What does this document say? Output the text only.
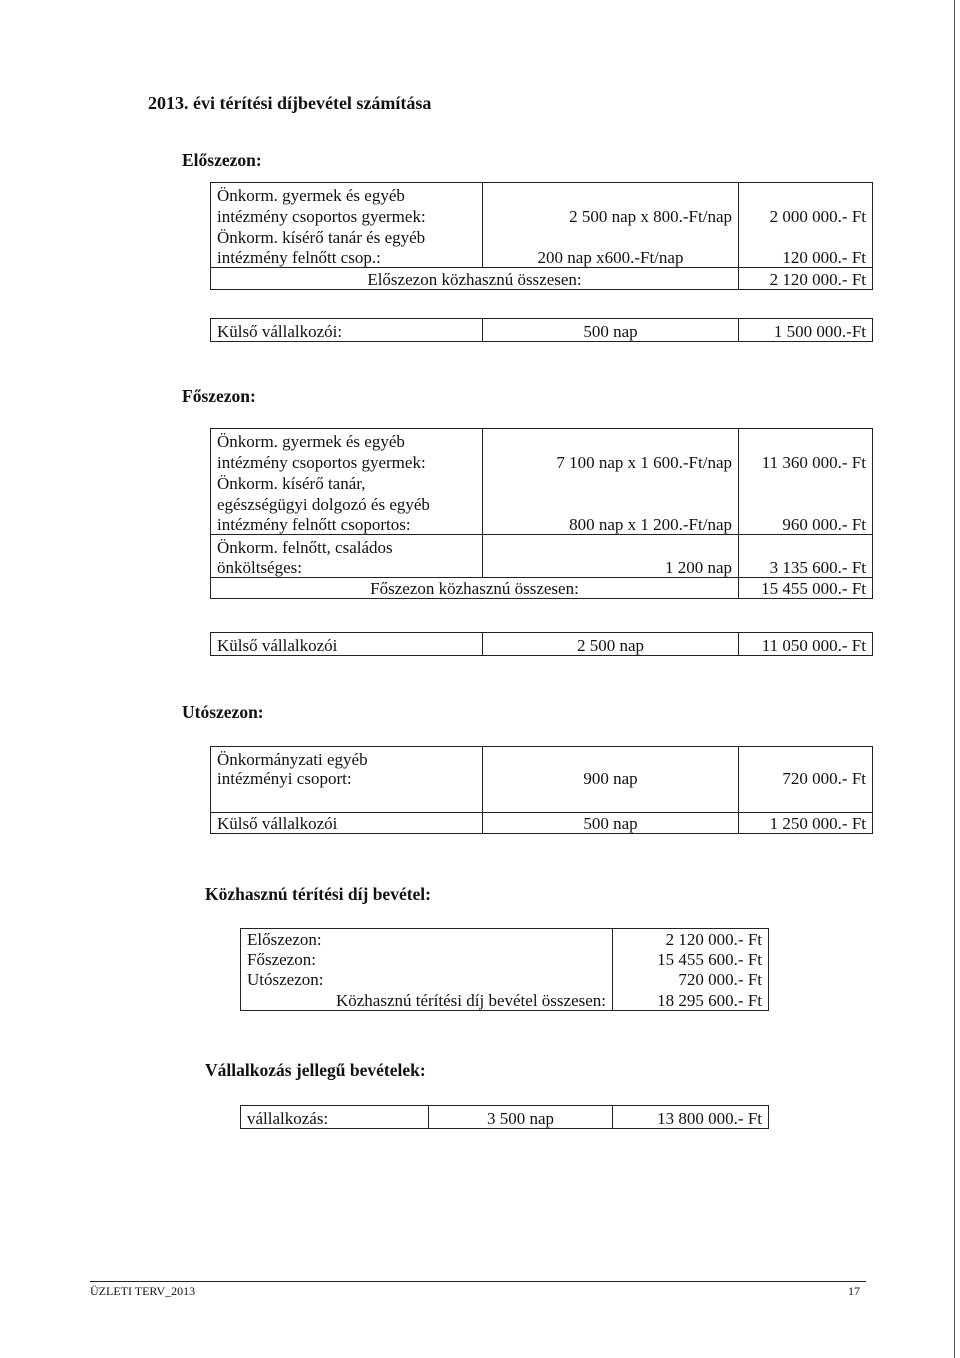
2013. évi térítési díjbevétel számítása
Előszezon:
Önkorm. gyermek és egyéb		
intézmény csoportos gyermek:	2 500 nap x 800.-Ft/nap	2 000 000.- Ft
Önkorm. kísérő tanár és egyéb		
intézmény felnőtt csop.:	200 nap x600.-Ft/nap	120 000.- Ft
Előszezon közhasznú összesen:		2 120 000.- Ft
Külső vállalkozói:	500 nap	1 500 000.-Ft
Főszezon:
Önkorm. gyermek és egyéb		
intézmény csoportos gyermek:	7 100 nap x 1 600.-Ft/nap	11 360 000.- Ft
Önkorm. kísérő tanár,		
egészségügyi dolgozó és egyéb		
intézmény felnőtt csoportos:	800 nap x 1 200.-Ft/nap	960 000.- Ft
Önkorm. felnőtt, családos		
önköltséges:	1 200 nap	3 135 600.- Ft
Főszezon közhasznú összesen:		15 455 000.- Ft
Külső vállalkozói	2 500 nap	11 050 000.- Ft
Utószezon:
Önkormányzati egyéb		
intézményi csoport:	900 nap	720 000.- Ft
Külső vállalkozói	500 nap	1 250 000.- Ft
Közhasznú térítési díj bevétel:
Előszezon:	2 120 000.- Ft
Főszezon:	15 455 600.- Ft
Utószezon:	720 000.- Ft
Közhasznú térítési díj bevétel összesen:	18 295 600.- Ft
Vállalkozás jellegű bevételek:
vállalkozás:	3 500 nap	13 800 000.- Ft
ÜZLETI TERV_2013	17
